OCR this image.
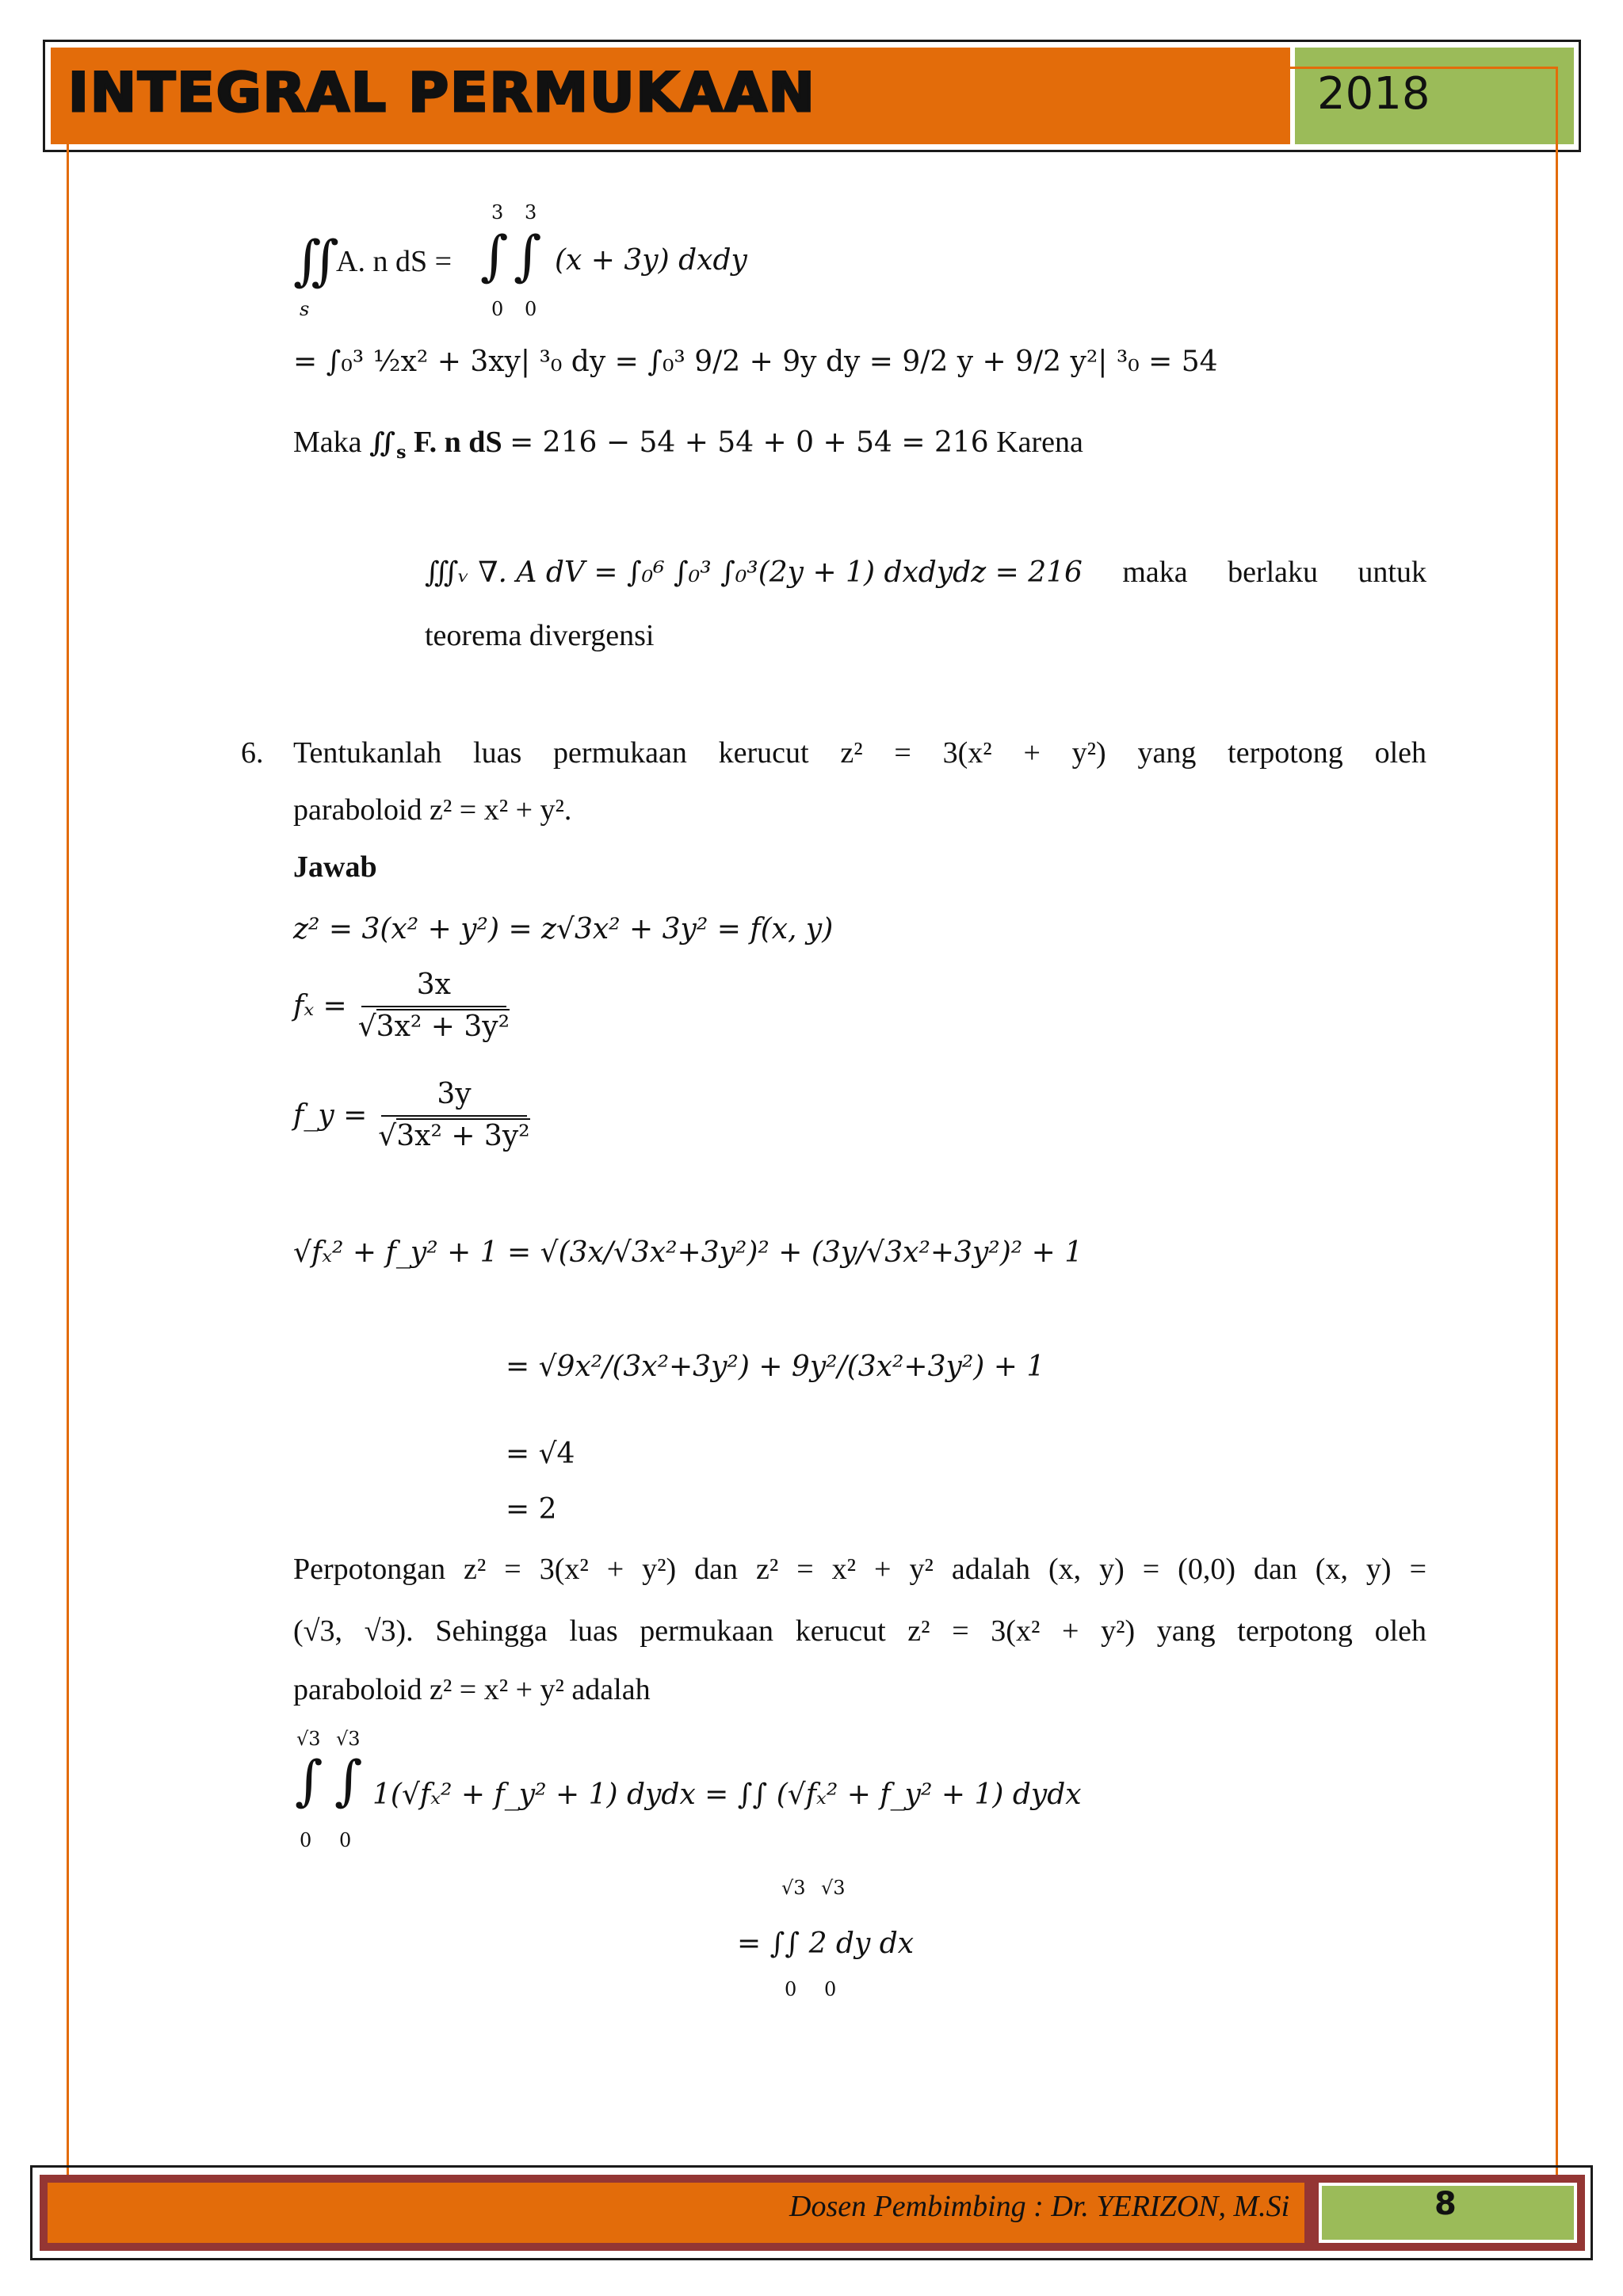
INTEGRAL PERMUKAAN	2018
∬
s
A. n dS =
3 3
∫ ∫
0 0
(x + 3y) dxdy
= ∫₀³ ½x² + 3xy| ³₀ dy = ∫₀³ 9/2 + 9y dy = 9/2 y + 9/2 y²| ³₀ = 54
Maka $∬_s$ F. n dS = 216 − 54 + 54 + 0 + 54 = 216 Karena
∭ᵥ ∇. A dV = ∫₀⁶ ∫₀³ ∫₀³(2y + 1) dxdydz = 216 maka berlaku untuk
teorema divergensi
6. Tentukanlah luas permukaan kerucut z² = 3(x² + y²) yang terpotong oleh
paraboloid z² = x² + y².
Jawab
z² = 3(x² + y²) = z√3x² + 3y² = f(x, y)
$f_x = \frac{3x}{\text{√3x² + 3y²}}$
f_y = $\frac{3y}{\text{√3x² + 3y²}}$
√fₓ² + f_y² + 1 = √(3x/√3x²+3y²)² + (3y/√3x²+3y²)² + 1
= √9x²/(3x²+3y²) + 9y²/(3x²+3y²) + 1
= √4
= 2
Perpotongan z² = 3(x² + y²) dan z² = x² + y² adalah (x, y) = (0,0) dan (x, y) =
(√3, √3). Sehingga luas permukaan kerucut z² = 3(x² + y²) yang terpotong oleh
paraboloid z² = x² + y² adalah
√3 √3
∫ ∫
0 0
1(√fₓ² + f_y² + 1) dydx = ∫∫ (√fₓ² + f_y² + 1) dydx
√3 √3
= ∫∫ 2 dy dx
0 0
Dosen Pembimbing : Dr. YERIZON, M.Si	8
